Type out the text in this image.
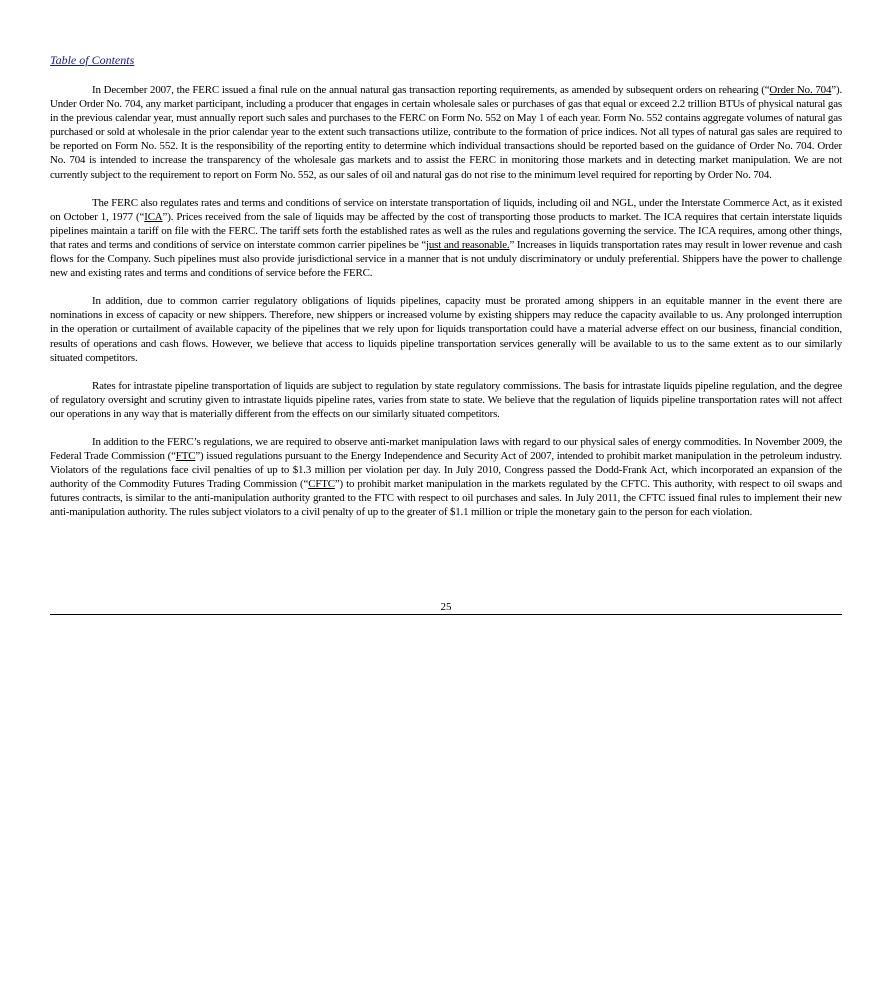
Table of Contents

In December 2007, the FERC issued a final rule on the annual natural gas transaction reporting requirements, as amended by subsequent orders on rehearing (“Order No. 704”). Under Order No. 704, any market participant, including a producer that engages in certain wholesale sales or purchases of gas that equal or exceed 2.2 trillion BTUs of physical natural gas in the previous calendar year, must annually report such sales and purchases to the FERC on Form No. 552 on May 1 of each year. Form No. 552 contains aggregate volumes of natural gas purchased or sold at wholesale in the prior calendar year to the extent such transactions utilize, contribute to the formation of price indices. Not all types of natural gas sales are required to be reported on Form No. 552. It is the responsibility of the reporting entity to determine which individual transactions should be reported based on the guidance of Order No. 704. Order No. 704 is intended to increase the transparency of the wholesale gas markets and to assist the FERC in monitoring those markets and in detecting market manipulation. We are not currently subject to the requirement to report on Form No. 552, as our sales of oil and natural gas do not rise to the minimum level required for reporting by Order No. 704.

The FERC also regulates rates and terms and conditions of service on interstate transportation of liquids, including oil and NGL, under the Interstate Commerce Act, as it existed on October 1, 1977 (“ICA”). Prices received from the sale of liquids may be affected by the cost of transporting those products to market. The ICA requires that certain interstate liquids pipelines maintain a tariff on file with the FERC. The tariff sets forth the established rates as well as the rules and regulations governing the service. The ICA requires, among other things, that rates and terms and conditions of service on interstate common carrier pipelines be “just and reasonable.” Increases in liquids transportation rates may result in lower revenue and cash flows for the Company. Such pipelines must also provide jurisdictional service in a manner that is not unduly discriminatory or unduly preferential. Shippers have the power to challenge new and existing rates and terms and conditions of service before the FERC.

In addition, due to common carrier regulatory obligations of liquids pipelines, capacity must be prorated among shippers in an equitable manner in the event there are nominations in excess of capacity or new shippers. Therefore, new shippers or increased volume by existing shippers may reduce the capacity available to us. Any prolonged interruption in the operation or curtailment of available capacity of the pipelines that we rely upon for liquids transportation could have a material adverse effect on our business, financial condition, results of operations and cash flows. However, we believe that access to liquids pipeline transportation services generally will be available to us to the same extent as to our similarly situated competitors.

Rates for intrastate pipeline transportation of liquids are subject to regulation by state regulatory commissions. The basis for intrastate liquids pipeline regulation, and the degree of regulatory oversight and scrutiny given to intrastate liquids pipeline rates, varies from state to state. We believe that the regulation of liquids pipeline transportation rates will not affect our operations in any way that is materially different from the effects on our similarly situated competitors.

In addition to the FERC’s regulations, we are required to observe anti-market manipulation laws with regard to our physical sales of energy commodities. In November 2009, the Federal Trade Commission (“FTC”) issued regulations pursuant to the Energy Independence and Security Act of 2007, intended to prohibit market manipulation in the petroleum industry. Violators of the regulations face civil penalties of up to $1.3 million per violation per day. In July 2010, Congress passed the Dodd-Frank Act, which incorporated an expansion of the authority of the Commodity Futures Trading Commission (“CFTC”) to prohibit market manipulation in the markets regulated by the CFTC. This authority, with respect to oil swaps and futures contracts, is similar to the anti-manipulation authority granted to the FTC with respect to oil purchases and sales. In July 2011, the CFTC issued final rules to implement their new anti-manipulation authority. The rules subject violators to a civil penalty of up to the greater of $1.1 million or triple the monetary gain to the person for each violation.

25
